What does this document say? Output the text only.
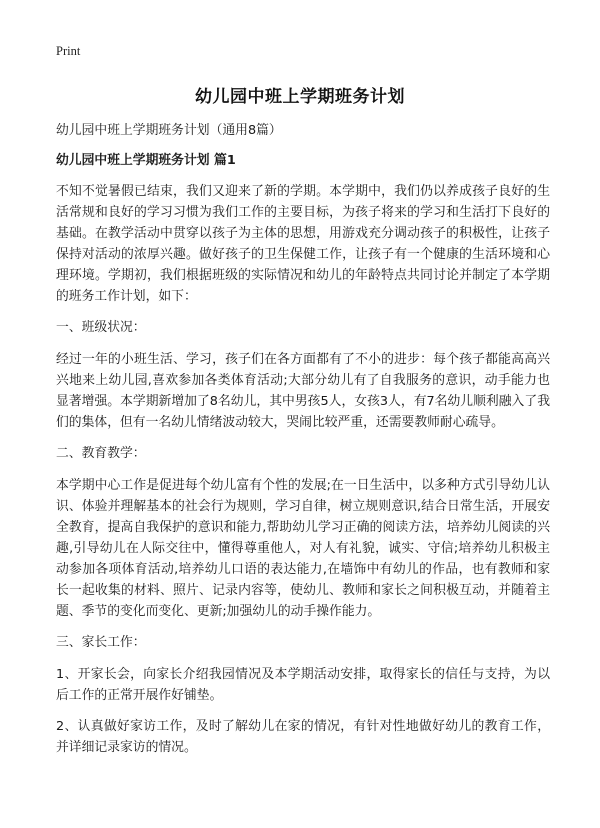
Print
幼儿园中班上学期班务计划

幼儿园中班上学期班务计划（通用8篇）

幼儿园中班上学期班务计划 篇1

不知不觉暑假已结束，我们又迎来了新的学期。本学期中，我们仍以养成孩子良好的生活常规和良好的学习习惯为我们工作的主要目标，为孩子将来的学习和生活打下良好的基础。在教学活动中贯穿以孩子为主体的思想，用游戏充分调动孩子的积极性，让孩子保持对活动的浓厚兴趣。做好孩子的卫生保健工作，让孩子有一个健康的生活环境和心理环境。学期初，我们根据班级的实际情况和幼儿的年龄特点共同讨论并制定了本学期的班务工作计划，如下：

一、班级状况：

经过一年的小班生活、学习，孩子们在各方面都有了不小的进步：每个孩子都能高高兴兴地来上幼儿园,喜欢参加各类体育活动;大部分幼儿有了自我服务的意识，动手能力也显著增强。本学期新增加了8名幼儿，其中男孩5人，女孩3人，有7名幼儿顺利融入了我们的集体，但有一名幼儿情绪波动较大，哭闹比较严重，还需要教师耐心疏导。

二、教育教学：

本学期中心工作是促进每个幼儿富有个性的发展;在一日生活中，以多种方式引导幼儿认识、体验并理解基本的社会行为规则，学习自律，树立规则意识,结合日常生活，开展安全教育，提高自我保护的意识和能力,帮助幼儿学习正确的阅读方法，培养幼儿阅读的兴趣,引导幼儿在人际交往中，懂得尊重他人，对人有礼貌，诚实、守信;培养幼儿积极主动参加各项体育活动,培养幼儿口语的表达能力,在墙饰中有幼儿的作品，也有教师和家长一起收集的材料、照片、记录内容等，使幼儿、教师和家长之间积极互动，并随着主题、季节的变化而变化、更新;加强幼儿的动手操作能力。

三、家长工作：

1、开家长会，向家长介绍我园情况及本学期活动安排，取得家长的信任与支持，为以后工作的正常开展作好铺垫。

2、认真做好家访工作，及时了解幼儿在家的情况，有针对性地做好幼儿的教育工作，并详细记录家访的情况。
